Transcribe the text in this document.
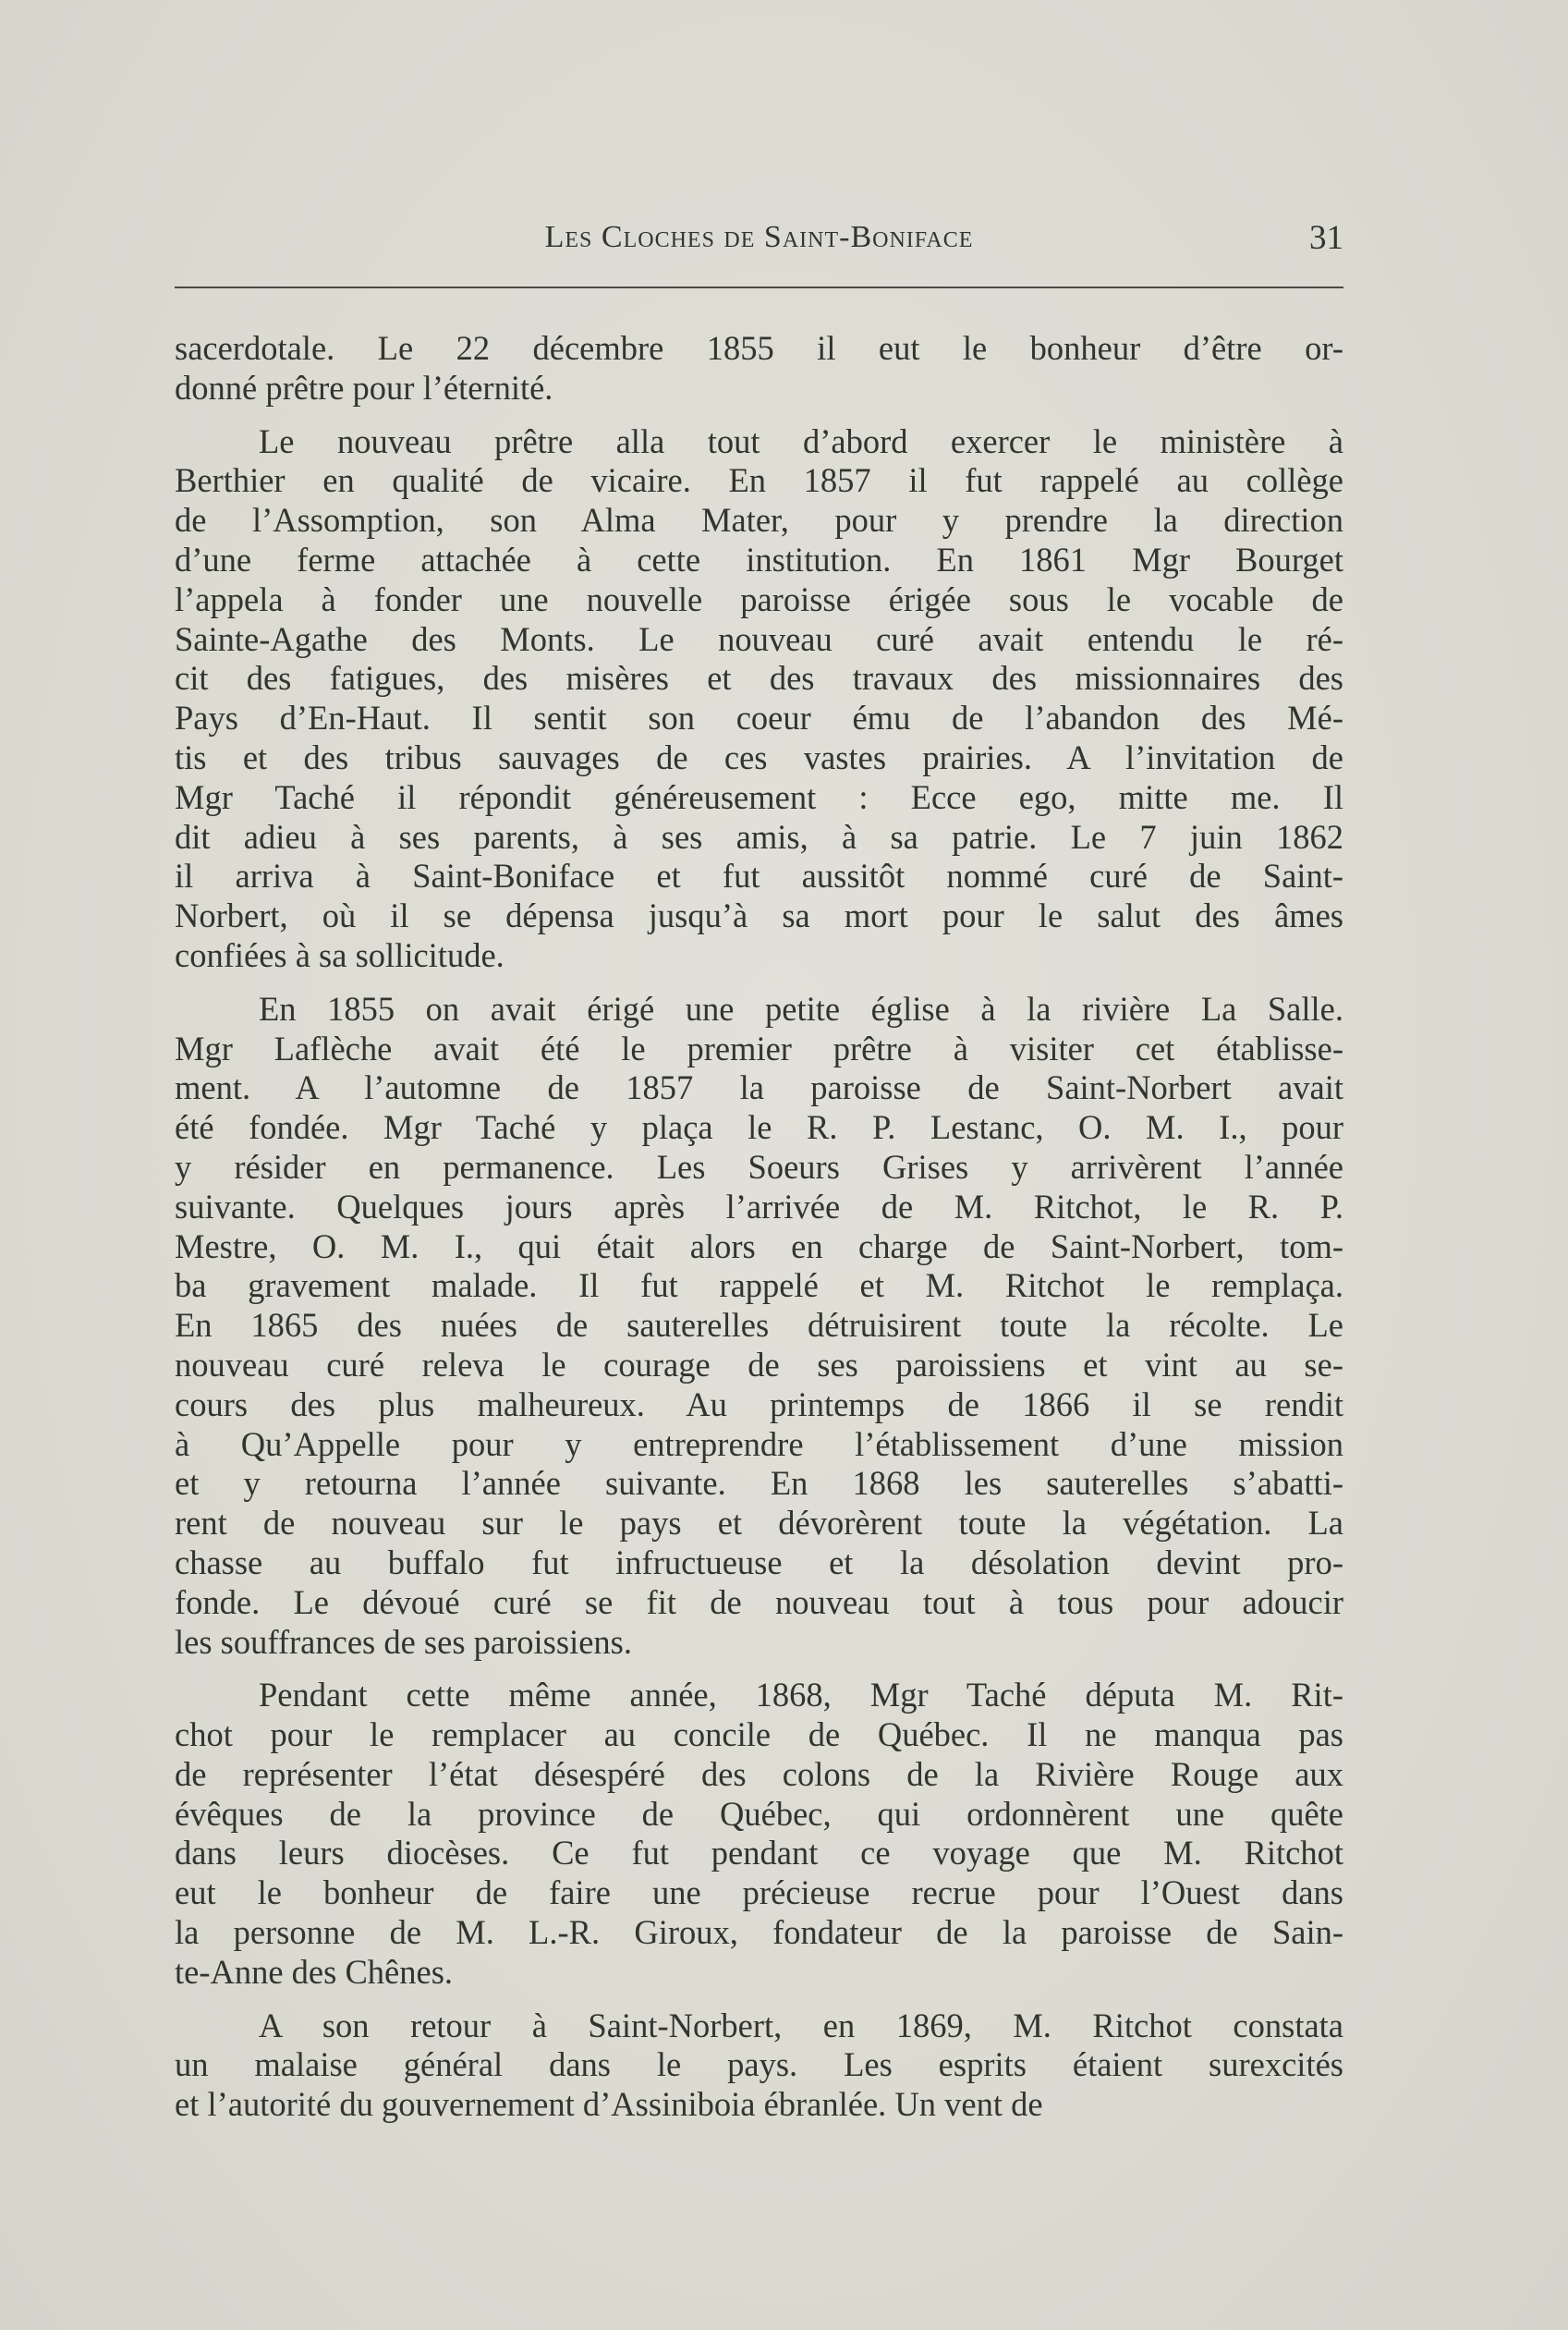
Les Cloches de Saint-Boniface	31
sacerdotale. Le 22 décembre 1855 il eut le bonheur d’être or-
donné prêtre pour l’éternité.
Le nouveau prêtre alla tout d’abord exercer le ministère à
Berthier en qualité de vicaire. En 1857 il fut rappelé au collège
de l’Assomption, son Alma Mater, pour y prendre la direction
d’une ferme attachée à cette institution. En 1861 Mgr Bourget
l’appela à fonder une nouvelle paroisse érigée sous le vocable de
Sainte-Agathe des Monts. Le nouveau curé avait entendu le ré-
cit des fatigues, des misères et des travaux des missionnaires des
Pays d’En-Haut. Il sentit son coeur ému de l’abandon des Mé-
tis et des tribus sauvages de ces vastes prairies. A l’invitation de
Mgr Taché il répondit généreusement : Ecce ego, mitte me. Il
dit adieu à ses parents, à ses amis, à sa patrie. Le 7 juin 1862
il arriva à Saint-Boniface et fut aussitôt nommé curé de Saint-
Norbert, où il se dépensa jusqu’à sa mort pour le salut des âmes
confiées à sa sollicitude.
En 1855 on avait érigé une petite église à la rivière La Salle.
Mgr Laflèche avait été le premier prêtre à visiter cet établisse-
ment. A l’automne de 1857 la paroisse de Saint-Norbert avait
été fondée. Mgr Taché y plaça le R. P. Lestanc, O. M. I., pour
y résider en permanence. Les Soeurs Grises y arrivèrent l’année
suivante. Quelques jours après l’arrivée de M. Ritchot, le R. P.
Mestre, O. M. I., qui était alors en charge de Saint-Norbert, tom-
ba gravement malade. Il fut rappelé et M. Ritchot le remplaça.
En 1865 des nuées de sauterelles détruisirent toute la récolte. Le
nouveau curé releva le courage de ses paroissiens et vint au se-
cours des plus malheureux. Au printemps de 1866 il se rendit
à Qu’Appelle pour y entreprendre l’établissement d’une mission
et y retourna l’année suivante. En 1868 les sauterelles s’abatti-
rent de nouveau sur le pays et dévorèrent toute la végétation. La
chasse au buffalo fut infructueuse et la désolation devint pro-
fonde. Le dévoué curé se fit de nouveau tout à tous pour adoucir
les souffrances de ses paroissiens.
Pendant cette même année, 1868, Mgr Taché députa M. Rit-
chot pour le remplacer au concile de Québec. Il ne manqua pas
de représenter l’état désespéré des colons de la Rivière Rouge aux
évêques de la province de Québec, qui ordonnèrent une quête
dans leurs diocèses. Ce fut pendant ce voyage que M. Ritchot
eut le bonheur de faire une précieuse recrue pour l’Ouest dans
la personne de M. L.-R. Giroux, fondateur de la paroisse de Sain-
te-Anne des Chênes.
A son retour à Saint-Norbert, en 1869, M. Ritchot constata
un malaise général dans le pays. Les esprits étaient surexcités
et l’autorité du gouvernement d’Assiniboia ébranlée. Un vent de
